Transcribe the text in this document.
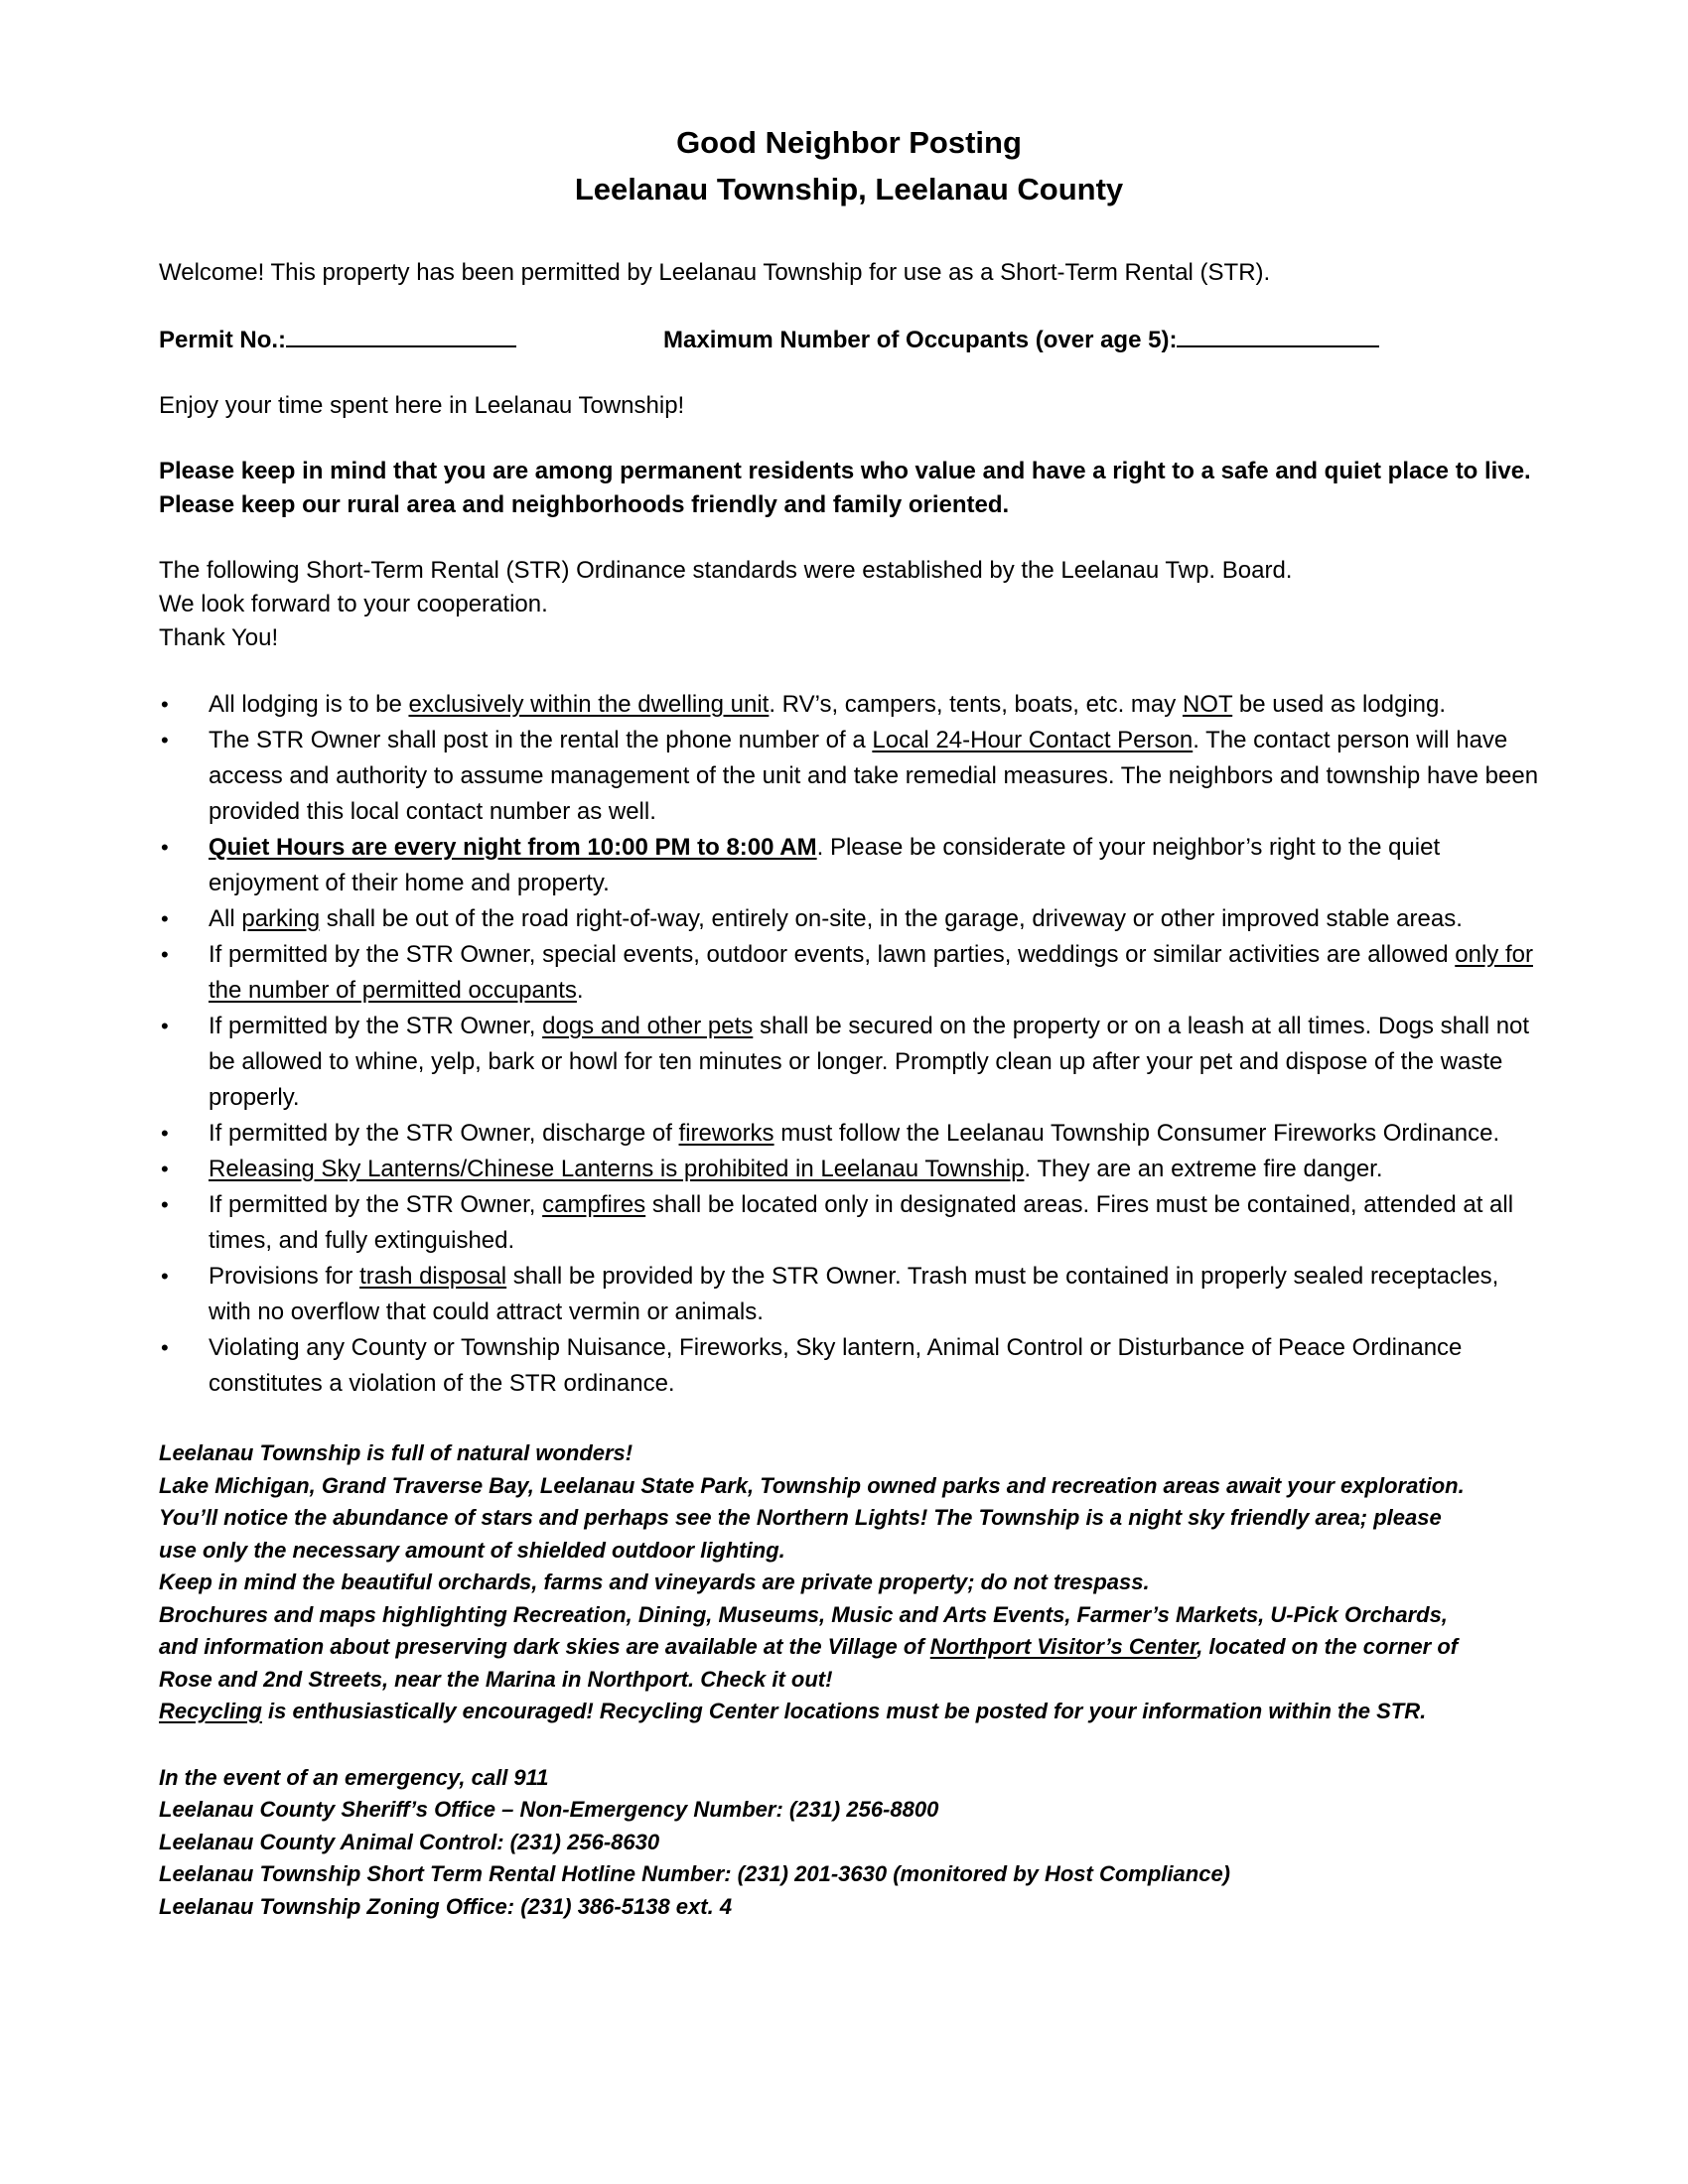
Good Neighbor Posting
Leelanau Township, Leelanau County

Welcome! This property has been permitted by Leelanau Township for use as a Short-Term Rental (STR).

Permit No.:	Maximum Number of Occupants (over age 5):

Enjoy your time spent here in Leelanau Township!

Please keep in mind that you are among permanent residents who value and have a right to a safe and quiet place to live. Please keep our rural area and neighborhoods friendly and family oriented.

The following Short-Term Rental (STR) Ordinance standards were established by the Leelanau Twp. Board.
We look forward to your cooperation.
Thank You!
• All lodging is to be exclusively within the dwelling unit. RV’s, campers, tents, boats, etc. may NOT be used as lodging.
• The STR Owner shall post in the rental the phone number of a Local 24-Hour Contact Person. The contact person will have access and authority to assume management of the unit and take remedial measures. The neighbors and township have been provided this local contact number as well.
• Quiet Hours are every night from 10:00 PM to 8:00 AM. Please be considerate of your neighbor’s right to the quiet enjoyment of their home and property.
• All parking shall be out of the road right-of-way, entirely on-site, in the garage, driveway or other improved stable areas.
• If permitted by the STR Owner, special events, outdoor events, lawn parties, weddings or similar activities are allowed only for the number of permitted occupants.
• If permitted by the STR Owner, dogs and other pets shall be secured on the property or on a leash at all times. Dogs shall not be allowed to whine, yelp, bark or howl for ten minutes or longer. Promptly clean up after your pet and dispose of the waste properly.
• If permitted by the STR Owner, discharge of fireworks must follow the Leelanau Township Consumer Fireworks Ordinance.
• Releasing Sky Lanterns/Chinese Lanterns is prohibited in Leelanau Township. They are an extreme fire danger.
• If permitted by the STR Owner, campfires shall be located only in designated areas. Fires must be contained, attended at all times, and fully extinguished.
• Provisions for trash disposal shall be provided by the STR Owner. Trash must be contained in properly sealed receptacles, with no overflow that could attract vermin or animals.
• Violating any County or Township Nuisance, Fireworks, Sky lantern, Animal Control or Disturbance of Peace Ordinance constitutes a violation of the STR ordinance.
Leelanau Township is full of natural wonders!
Lake Michigan, Grand Traverse Bay, Leelanau State Park, Township owned parks and recreation areas await your exploration.
You’ll notice the abundance of stars and perhaps see the Northern Lights! The Township is a night sky friendly area; please
use only the necessary amount of shielded outdoor lighting.
Keep in mind the beautiful orchards, farms and vineyards are private property; do not trespass.
Brochures and maps highlighting Recreation, Dining, Museums, Music and Arts Events, Farmer’s Markets, U-Pick Orchards,
and information about preserving dark skies are available at the Village of Northport Visitor’s Center, located on the corner of
Rose and 2nd Streets, near the Marina in Northport. Check it out!
Recycling is enthusiastically encouraged! Recycling Center locations must be posted for your information within the STR.
In the event of an emergency, call 911
Leelanau County Sheriff’s Office – Non-Emergency Number: (231) 256-8800
Leelanau County Animal Control: (231) 256-8630
Leelanau Township Short Term Rental Hotline Number: (231) 201-3630 (monitored by Host Compliance)
Leelanau Township Zoning Office: (231) 386-5138 ext. 4
